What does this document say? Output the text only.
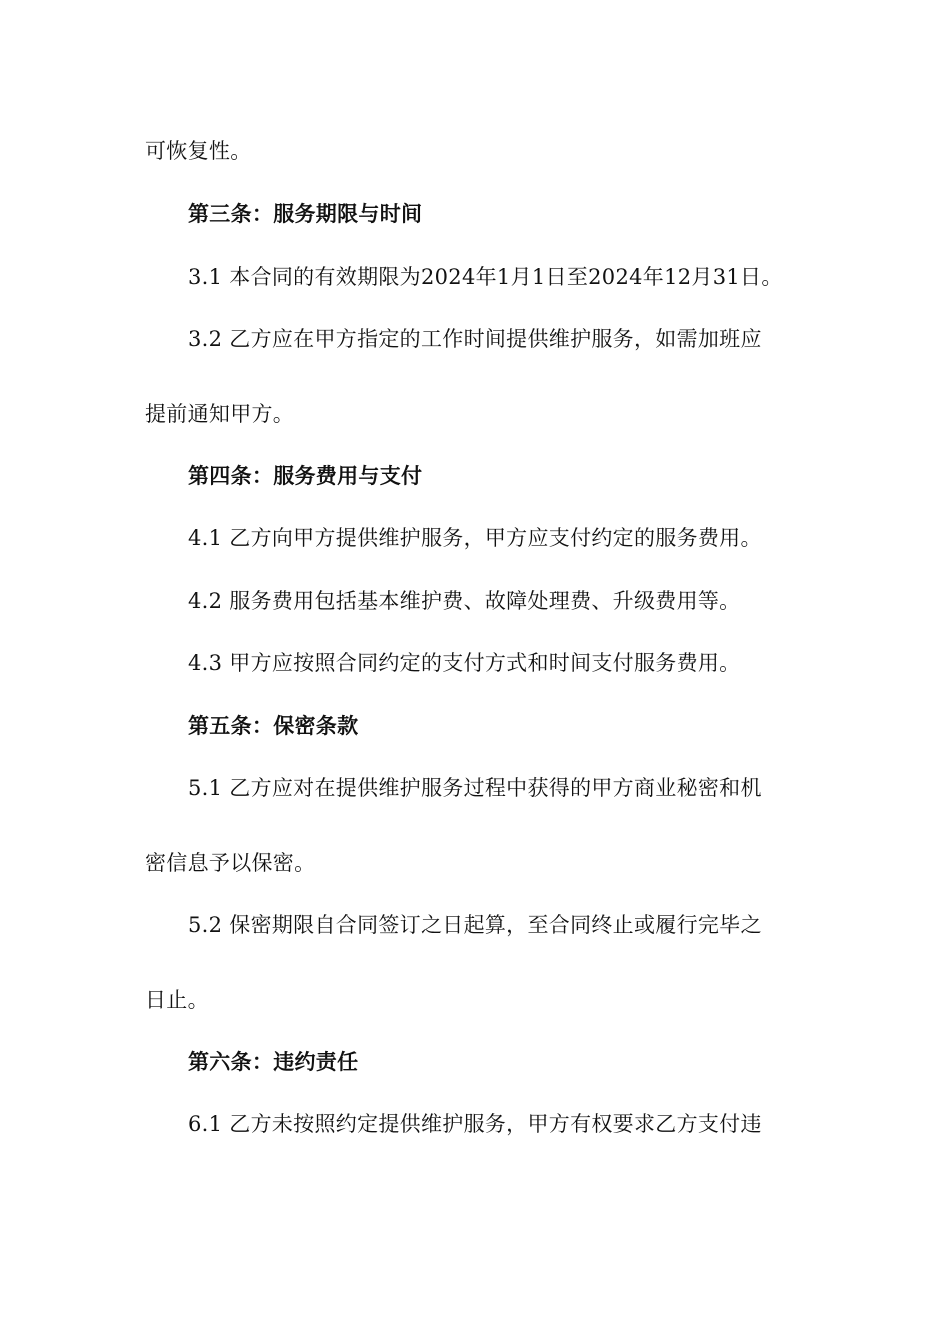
可恢复性。
第三条：服务期限与时间
3.1 本合同的有效期限为2024年1月1日至2024年12月31日。
3.2 乙方应在甲方指定的工作时间提供维护服务，如需加班应
提前通知甲方。
第四条：服务费用与支付
4.1 乙方向甲方提供维护服务，甲方应支付约定的服务费用。
4.2 服务费用包括基本维护费、故障处理费、升级费用等。
4.3 甲方应按照合同约定的支付方式和时间支付服务费用。
第五条：保密条款
5.1 乙方应对在提供维护服务过程中获得的甲方商业秘密和机
密信息予以保密。
5.2 保密期限自合同签订之日起算，至合同终止或履行完毕之
日止。
第六条：违约责任
6.1 乙方未按照约定提供维护服务，甲方有权要求乙方支付违
